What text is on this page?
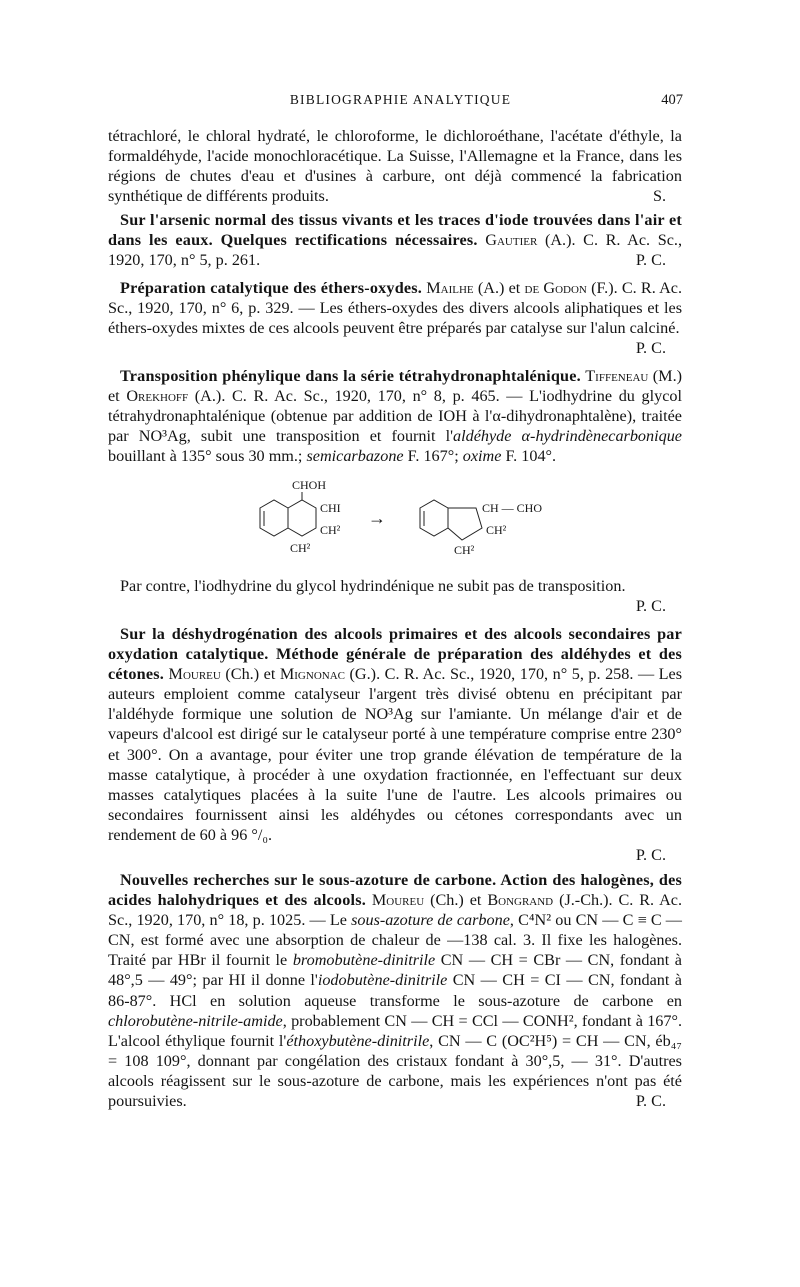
BIBLIOGRAPHIE ANALYTIQUE	407

tétrachloré, le chloral hydraté, le chloroforme, le dichloroéthane, l'acétate d'éthyle, la formaldéhyde, l'acide monochloracétique. La Suisse, l'Allemagne et la France, dans les régions de chutes d'eau et d'usines à carbure, ont déjà commencé la fabrication synthétique de différents produits.	S.

Sur l'arsenic normal des tissus vivants et les traces d'iode trouvées dans l'air et dans les eaux. Quelques rectifications nécessaires. Gautier (A.). C. R. Ac. Sc., 1920, 170, n° 5, p. 261.	P. C.

Préparation catalytique des éthers-oxydes. Mailhe (A.) et de Godon (F.). C. R. Ac. Sc., 1920, 170, n° 6, p. 329. — Les éthers-oxydes des divers alcools aliphatiques et les éthers-oxydes mixtes de ces alcools peuvent être préparés par catalyse sur l'alun calciné.
P. C.

Transposition phénylique dans la série tétrahydronaphtalénique. Tiffeneau (M.) et Orekhoff (A.). C. R. Ac. Sc., 1920, 170, n° 8, p. 465. — L'iodhydrine du glycol tétrahydronaphtalénique (obtenue par addition de IOH à l'α-dihydronaphtalène), traitée par NO³Ag, subit une transposition et fournit l'aldéhyde α-hydrindènecarbonique bouillant à 135° sous 30 mm.; semicarbazone F. 167°; oxime F. 104°.

CHOH
CHI
CH²
CH²
→	CH — CHO
CH²
CH²

Par contre, l'iodhydrine du glycol hydrindénique ne subit pas de transposition.
P. C.

Sur la déshydrogénation des alcools primaires et des alcools secondaires par oxydation catalytique. Méthode générale de préparation des aldéhydes et des cétones. Moureu (Ch.) et Mignonac (G.). C. R. Ac. Sc., 1920, 170, n° 5, p. 258. — Les auteurs emploient comme catalyseur l'argent très divisé obtenu en précipitant par l'aldéhyde formique une solution de NO³Ag sur l'amiante. Un mélange d'air et de vapeurs d'alcool est dirigé sur le catalyseur porté à une température comprise entre 230° et 300°. On a avantage, pour éviter une trop grande élévation de température de la masse catalytique, à procéder à une oxydation fractionnée, en l'effectuant sur deux masses catalytiques placées à la suite l'une de l'autre. Les alcools primaires ou secondaires fournissent ainsi les aldéhydes ou cétones correspondants avec un rendement de 60 à 96 °/₀.

P. C.

Nouvelles recherches sur le sous-azoture de carbone. Action des halogènes, des acides halohydriques et des alcools. Moureu (Ch.) et Bongrand (J.-Ch.). C. R. Ac. Sc., 1920, 170, n° 18, p. 1025. — Le sous-azoture de carbone, C⁴N² ou CN — C ≡ C — CN, est formé avec une absorption de chaleur de —138 cal. 3. Il fixe les halogènes. Traité par HBr il fournit le bromobutène-dinitrile CN — CH = CBr — CN, fondant à 48°,5 — 49°; par HI il donne l'iodobutène-dinitrile CN — CH = CI — CN, fondant à 86-87°. HCl en solution aqueuse transforme le sous-azoture de carbone en chlorobutène-nitrile-amide, probablement CN — CH = CCl — CONH², fondant à 167°. L'alcool éthylique fournit l'éthoxybutène-dinitrile, CN — C (OC²H⁵) = CH — CN, éb₄₇ = 108 109°, donnant par congélation des cristaux fondant à 30°,5, — 31°. D'autres alcools réagissent sur le sous-azoture de carbone, mais les expériences n'ont pas été poursuivies.	P. C.
